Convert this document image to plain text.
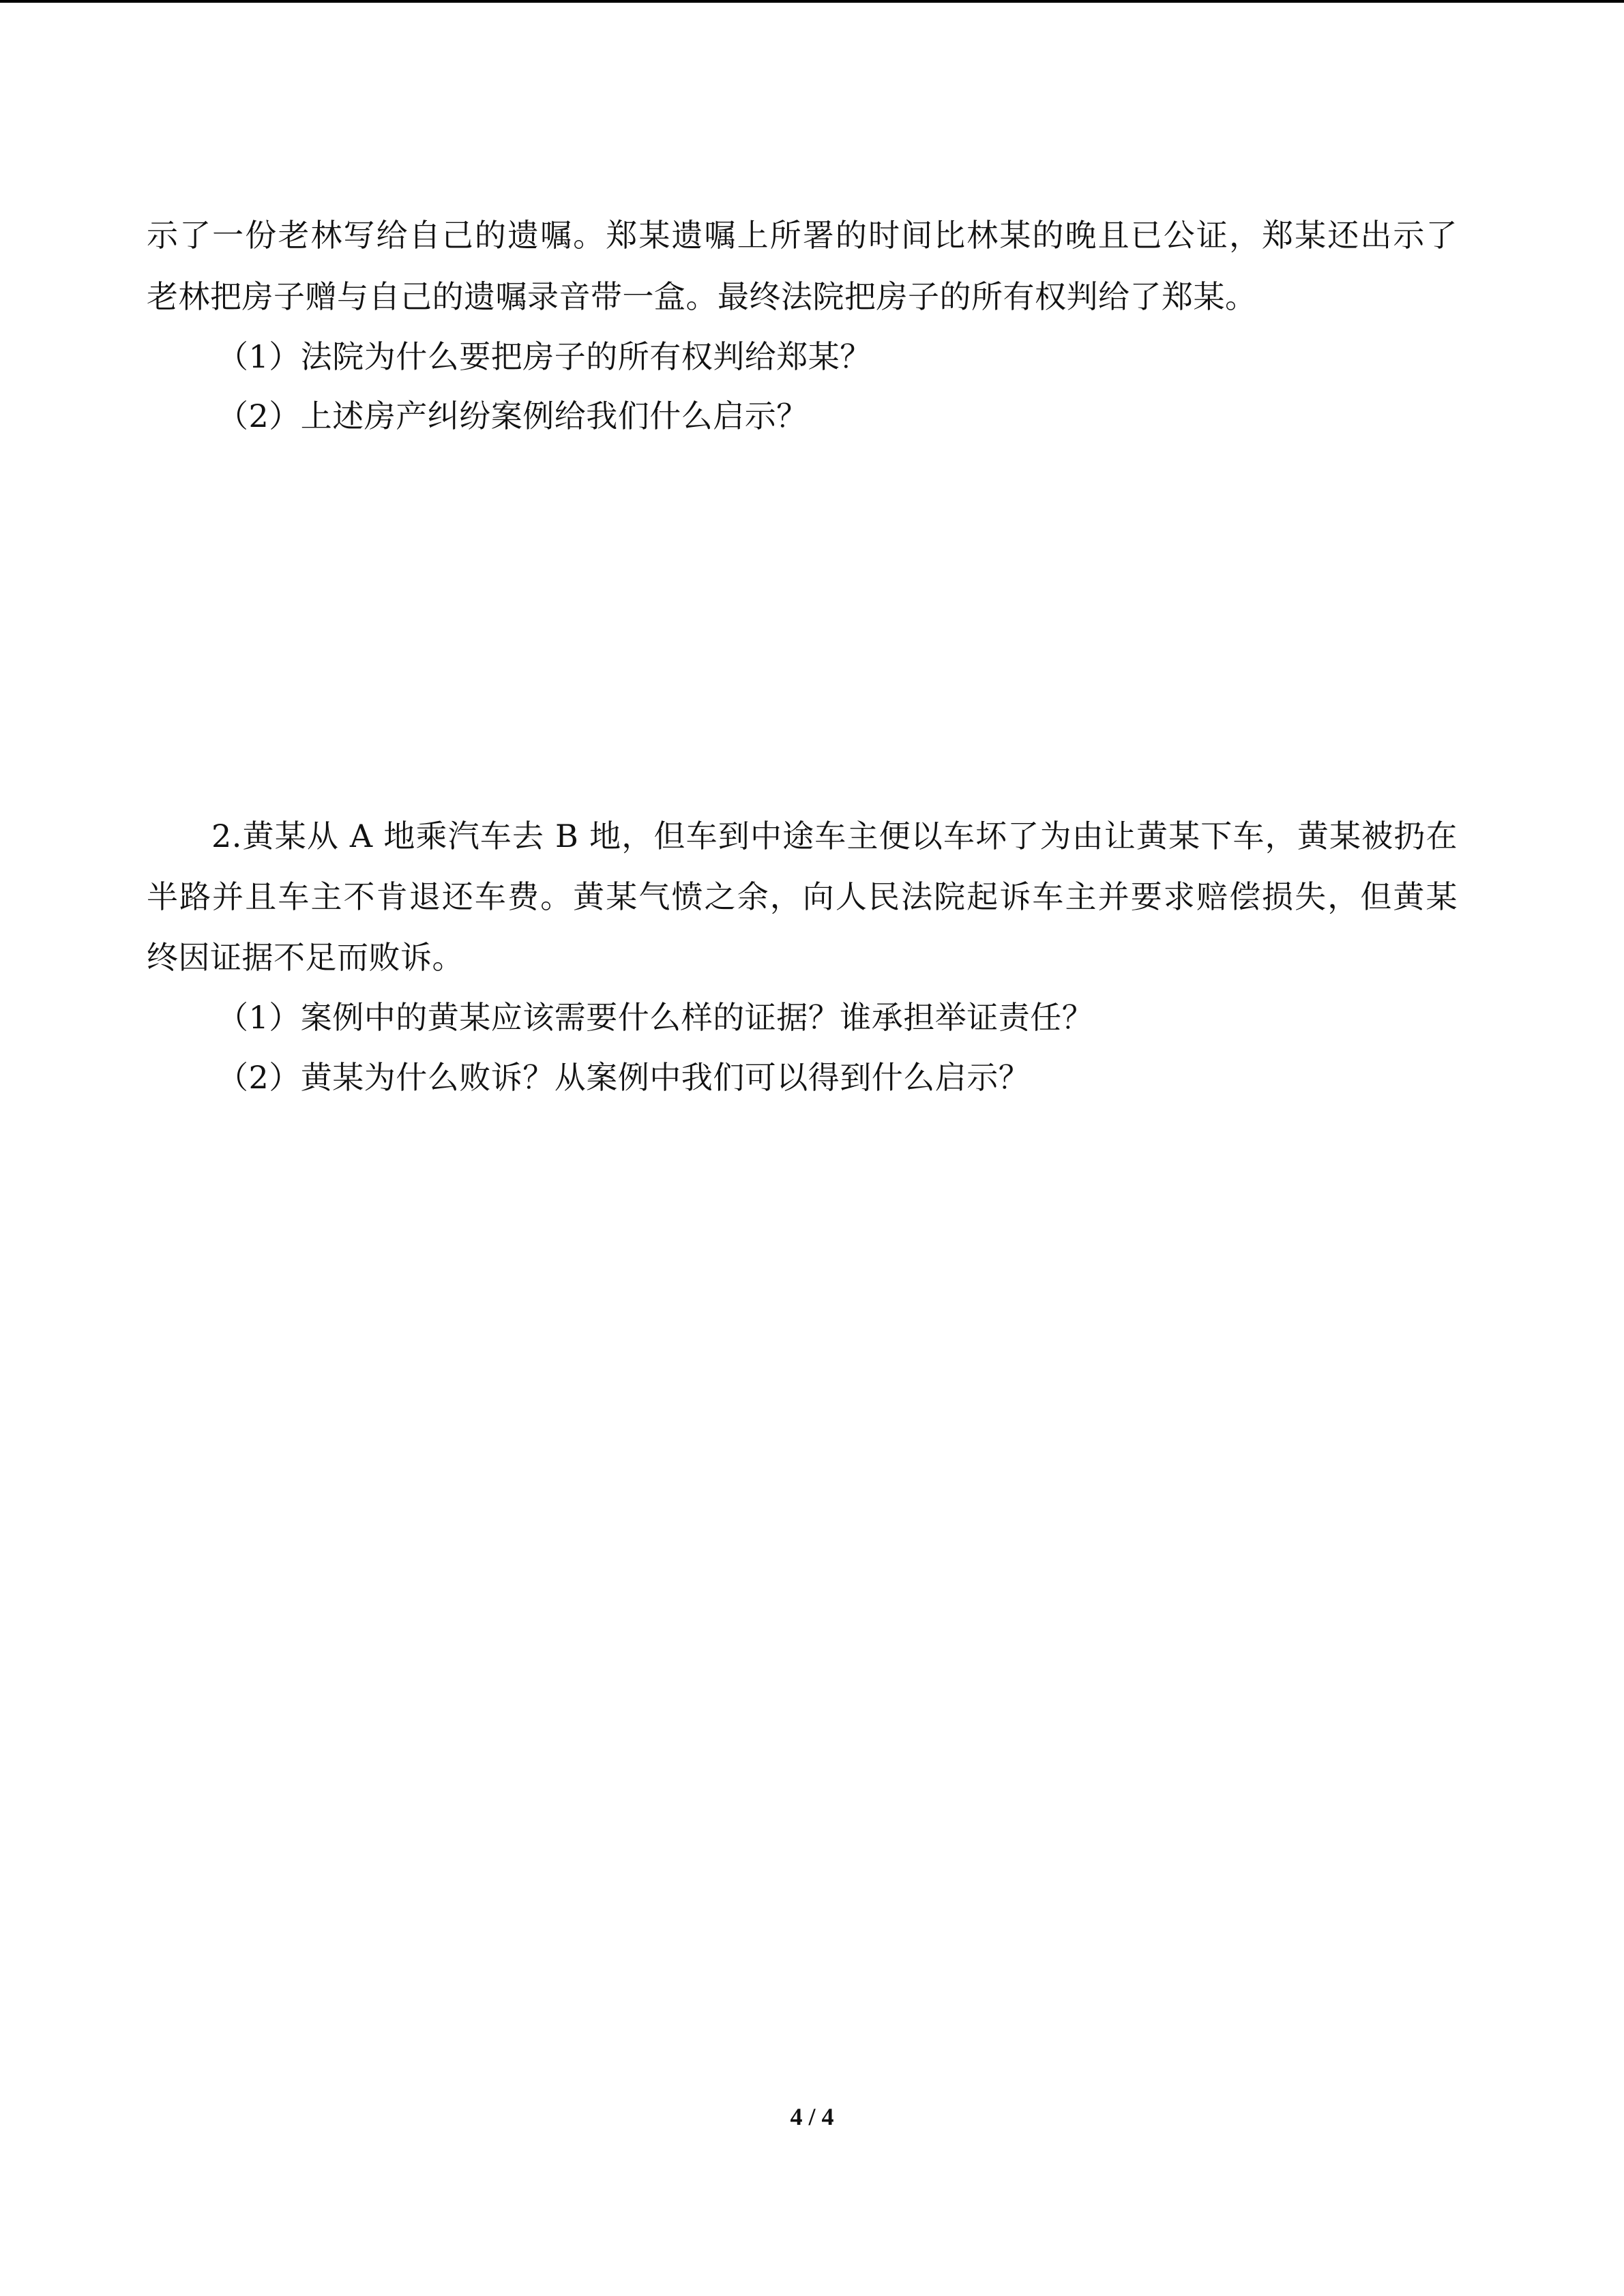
示了一份老林写给自己的遗嘱。郑某遗嘱上所署的时间比林某的晚且已公证，郑某还出示了
老林把房子赠与自己的遗嘱录音带一盒。最终法院把房子的所有权判给了郑某。
（1）法院为什么要把房子的所有权判给郑某？
（2）上述房产纠纷案例给我们什么启示？
2.黄某从 A 地乘汽车去 B 地，但车到中途车主便以车坏了为由让黄某下车，黄某被扔在
半路并且车主不肯退还车费。黄某气愤之余，向人民法院起诉车主并要求赔偿损失，但黄某
终因证据不足而败诉。
（1）案例中的黄某应该需要什么样的证据？谁承担举证责任？
（2）黄某为什么败诉？从案例中我们可以得到什么启示？
4 / 4
